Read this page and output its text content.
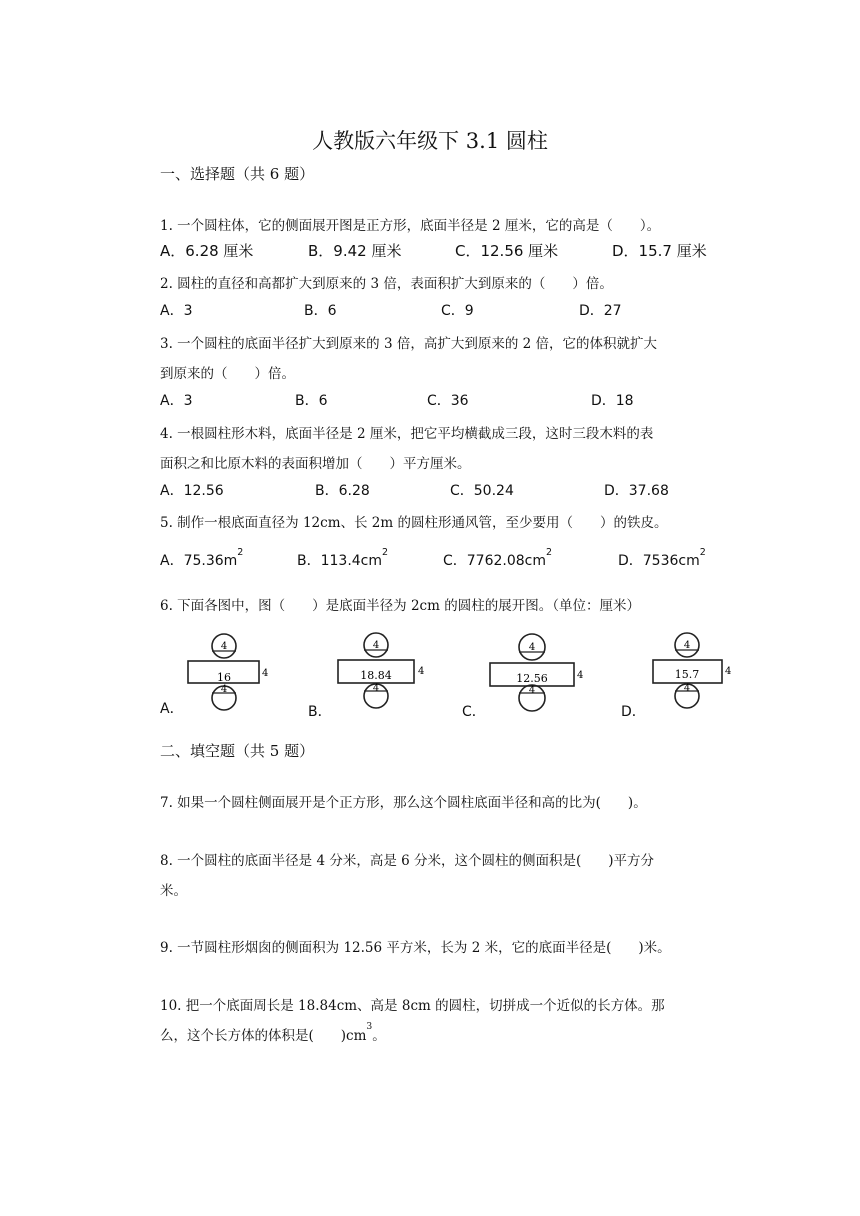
人教版六年级下 3.1 圆柱
一、选择题（共 6 题）
1. 一个圆柱体，它的侧面展开图是正方形，底面半径是 2 厘米，它的高是（　　）。
A．6.28 厘米	B．9.42 厘米	C．12.56 厘米	D．15.7 厘米
2. 圆柱的直径和高都扩大到原来的 3 倍，表面积扩大到原来的（　　）倍。
A．3	B．6	C．9	D．27
3. 一个圆柱的底面半径扩大到原来的 3 倍，高扩大到原来的 2 倍，它的体积就扩大
到原来的（　　）倍。
A．3	B．6	C．36	D．18
4. 一根圆柱形木料，底面半径是 2 厘米，把它平均横截成三段，这时三段木料的表
面积之和比原木料的表面积增加（　　）平方厘米。
A．12.56	B．6.28	C．50.24	D．37.68
5. 制作一根底面直径为 12cm、长 2m 的圆柱形通风管，至少要用（　　）的铁皮。
A．$75.36m^2$
B．$113.4cm^2$
C．$7762.08cm^2$
D．$7536cm^2$
6. 下面各图中，图（　　）是底面半径为 2cm 的圆柱的展开图。（单位：厘米）
4
16	4
4
4
18.84	4
4
4
12.56	4
4
4
15.7	4
4
A．	B．	C．	D．
二、填空题（共 5 题）
7. 如果一个圆柱侧面展开是个正方形，那么这个圆柱底面半径和高的比为(　　)。
8. 一个圆柱的底面半径是 4 分米，高是 6 分米，这个圆柱的侧面积是(　　)平方分
米。
9. 一节圆柱形烟囱的侧面积为 12.56 平方米，长为 2 米，它的底面半径是(　　)米。
10. 把一个底面周长是 18.84cm、高是 8cm 的圆柱，切拼成一个近似的长方体。那
么，这个长方体的体积是(　　)$cm^3$。
